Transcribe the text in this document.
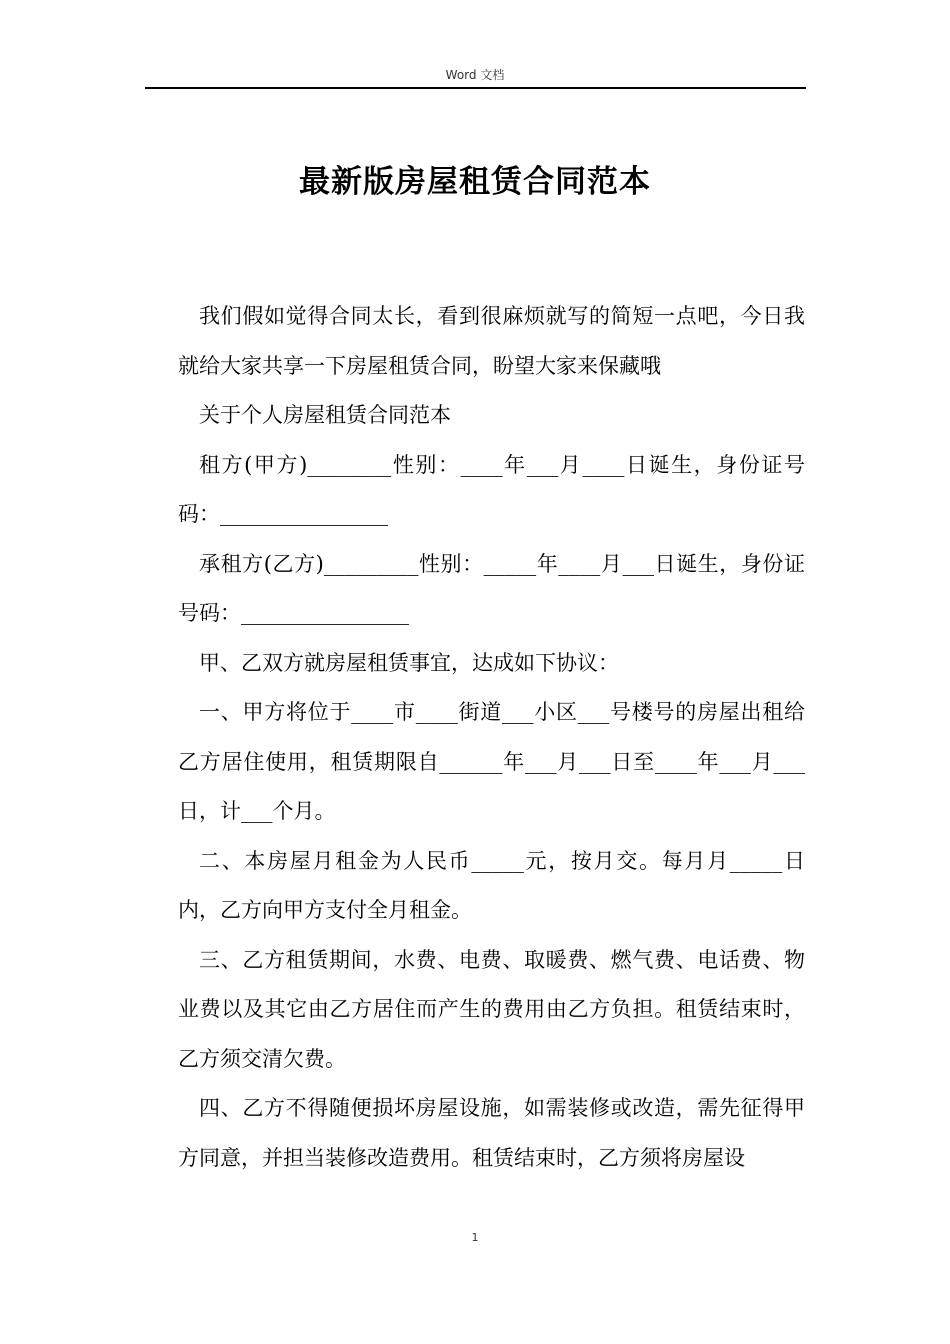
Word 文档
最新版房屋租赁合同范本

我们假如觉得合同太长，看到很麻烦就写的简短一点吧，今日我就给大家共享一下房屋租赁合同，盼望大家来保藏哦

关于个人房屋租赁合同范本

租方(甲方)________性别：____年___月____日诞生，身份证号码：________________

承租方(乙方)_________性别：_____年____月___日诞生，身份证号码：________________

甲、乙双方就房屋租赁事宜，达成如下协议：

一、甲方将位于____市____街道___小区___号楼号的房屋出租给乙方居住使用，租赁期限自______年___月___日至____年___月___日，计___个月。

二、本房屋月租金为人民币_____元，按月交。每月月_____日内，乙方向甲方支付全月租金。

三、乙方租赁期间，水费、电费、取暖费、燃气费、电话费、物业费以及其它由乙方居住而产生的费用由乙方负担。租赁结束时，乙方须交清欠费。

四、乙方不得随便损坏房屋设施，如需装修或改造，需先征得甲方同意，并担当装修改造费用。租赁结束时，乙方须将房屋设

1
